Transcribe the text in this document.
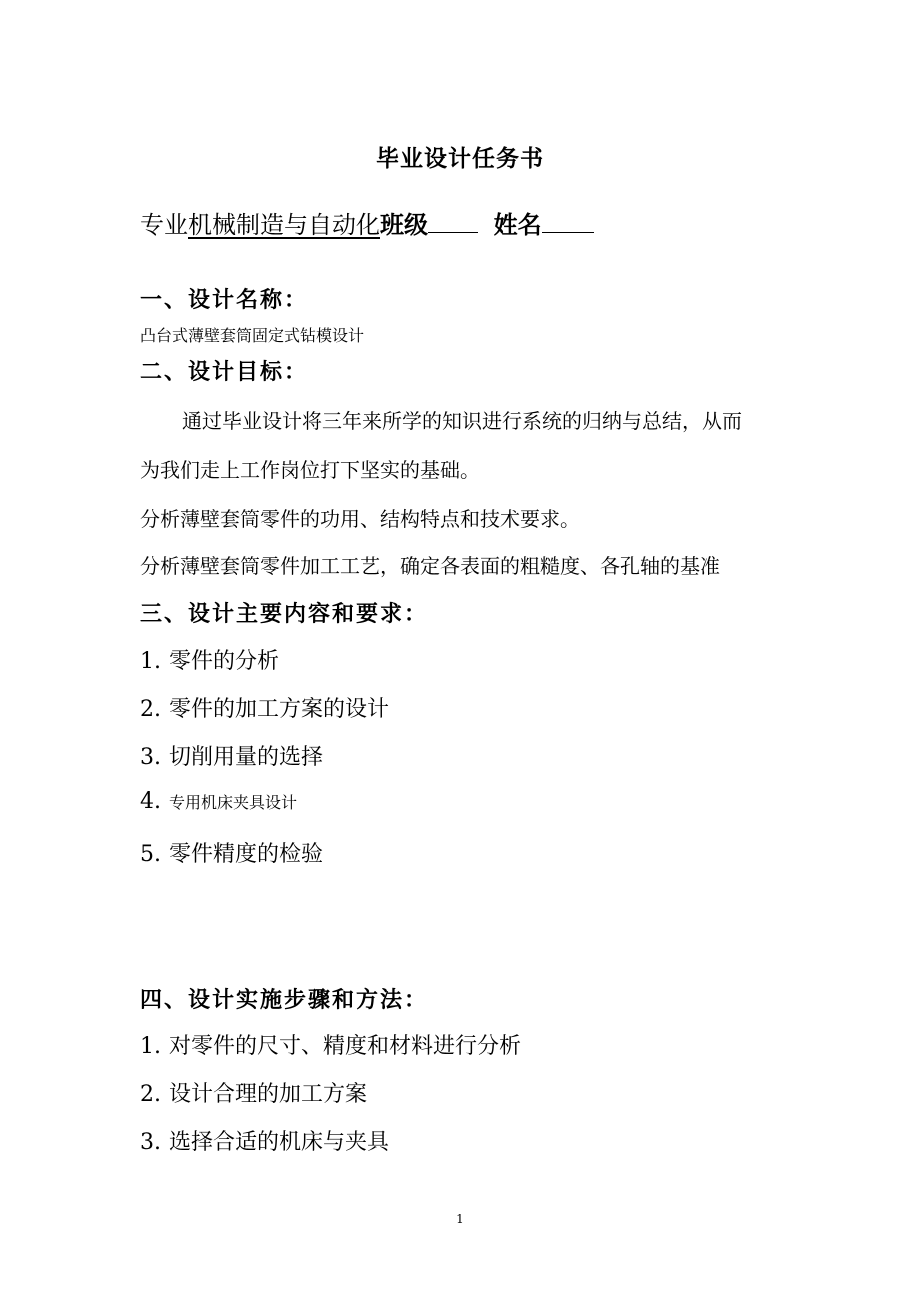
毕业设计任务书
专业机械制造与自动化班级	姓名
一、设计名称：
凸台式薄壁套筒固定式钻模设计
二、设计目标：
通过毕业设计将三年来所学的知识进行系统的归纳与总结，从而
为我们走上工作岗位打下坚实的基础。
分析薄壁套筒零件的功用、结构特点和技术要求。
分析薄壁套筒零件加工工艺，确定各表面的粗糙度、各孔轴的基准
三、设计主要内容和要求：
1. 零件的分析
2. 零件的加工方案的设计
3. 切削用量的选择
4. 专用机床夹具设计
5. 零件精度的检验
四、设计实施步骤和方法：
1. 对零件的尺寸、精度和材料进行分析
2. 设计合理的加工方案
3. 选择合适的机床与夹具
1
